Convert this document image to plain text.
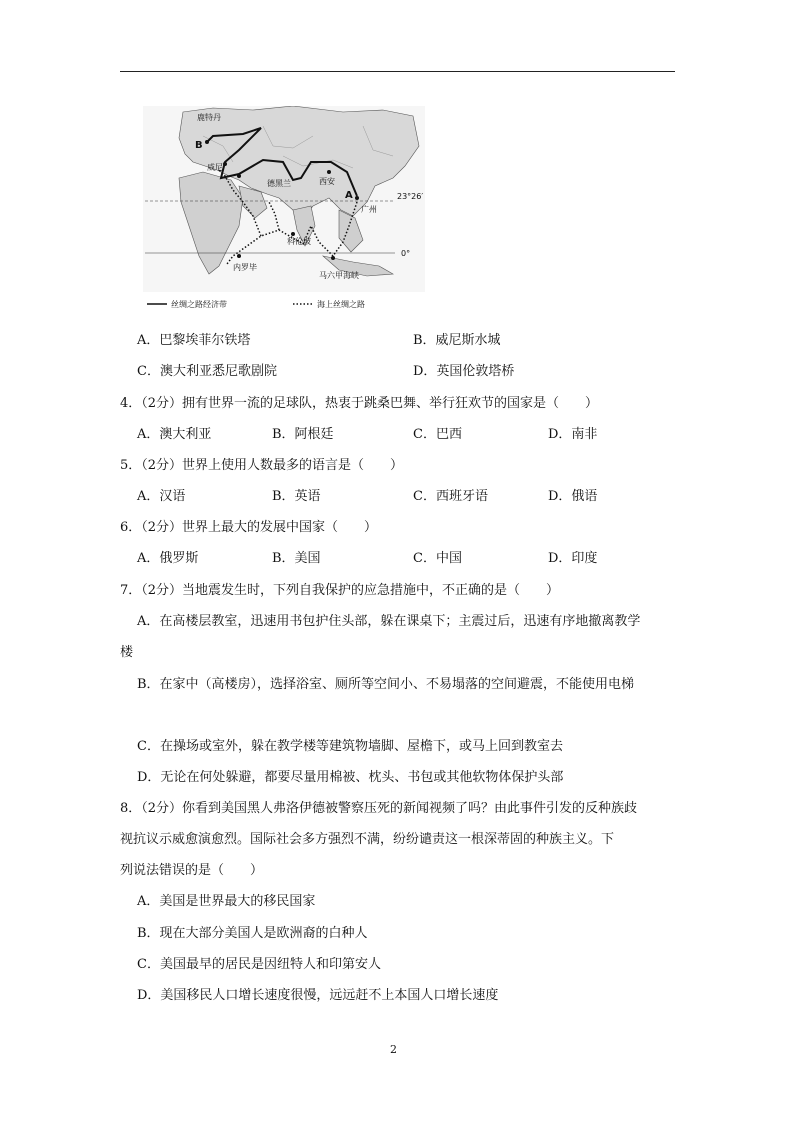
鹿特丹
B
威尼
德黑兰	西安
A
广州
科伦坡
内罗毕
马六甲海峡
23°26′
0°
丝绸之路经济带	海上丝绸之路
A．巴黎埃菲尔铁塔	B．威尼斯水城
C．澳大利亚悉尼歌剧院	D．英国伦敦塔桥
4．（2分）拥有世界一流的足球队，热衷于跳桑巴舞、举行狂欢节的国家是（　　）
A．澳大利亚	B．阿根廷	C．巴西	D．南非
5．（2分）世界上使用人数最多的语言是（　　）
A．汉语	B．英语	C．西班牙语	D．俄语
6．（2分）世界上最大的发展中国家（　　）
A．俄罗斯	B．美国	C．中国	D．印度
7．（2分）当地震发生时，下列自我保护的应急措施中，不正确的是（　　）
A．在高楼层教室，迅速用书包护住头部，躲在课桌下；主震过后，迅速有序地撤离教学
楼
B．在家中（高楼房），选择浴室、厕所等空间小、不易塌落的空间避震，不能使用电梯
C．在操场或室外，躲在教学楼等建筑物墙脚、屋檐下，或马上回到教室去
D．无论在何处躲避，都要尽量用棉被、枕头、书包或其他软物体保护头部
8．（2分）你看到美国黑人弗洛伊德被警察压死的新闻视频了吗？由此事件引发的反种族歧
视抗议示威愈演愈烈。国际社会多方强烈不满，纷纷谴责这一根深蒂固的种族主义。下
列说法错误的是（　　）
A．美国是世界最大的移民国家
B．现在大部分美国人是欧洲裔的白种人
C．美国最早的居民是因纽特人和印第安人
D．美国移民人口增长速度很慢，远远赶不上本国人口增长速度
2
